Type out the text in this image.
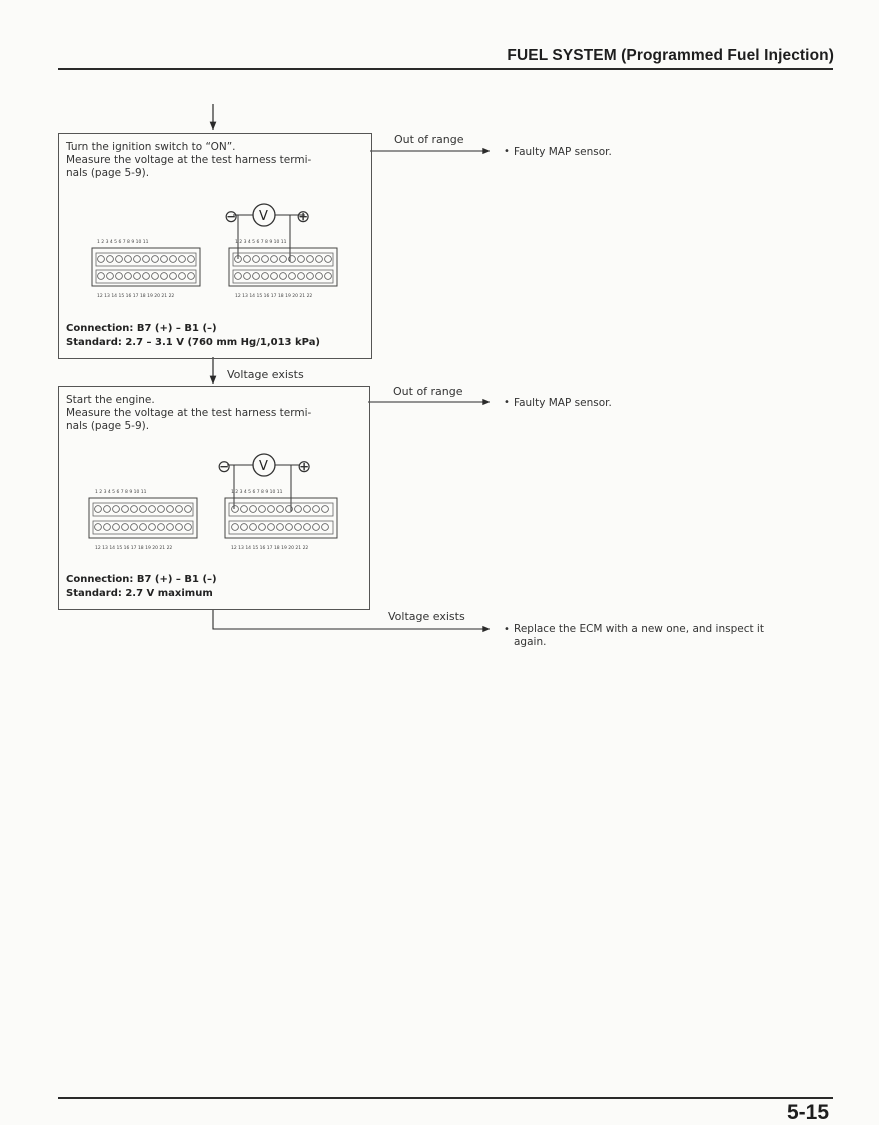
FUEL SYSTEM (Programmed Fuel Injection)
Turn the ignition switch to “ON”.
Measure the voltage at the test harness termi-
nals (page 5-9).
⊖ V ⊕
1 2 3 4 5 6 7 8 9 10 11
12 13 14 15 16 17 18 19 20 21 22
1 2 3 4 5 6 7 8 9 10 11
12 13 14 15 16 17 18 19 20 21 22
Connection: B7 (+) – B1 (–)
Standard: 2.7 – 3.1 V (760 mm Hg/1,013 kPa)
Out of range
• Faulty MAP sensor.
Voltage exists
Start the engine.
Measure the voltage at the test harness termi-
nals (page 5-9).
⊖ V ⊕
1 2 3 4 5 6 7 8 9 10 11
12 13 14 15 16 17 18 19 20 21 22
1 2 3 4 5 6 7 8 9 10 11
12 13 14 15 16 17 18 19 20 21 22
Connection: B7 (+) – B1 (–)
Standard: 2.7 V maximum
Out of range
• Faulty MAP sensor.
Voltage exists
• Replace the ECM with a new one, and inspect it
again.
5-15
